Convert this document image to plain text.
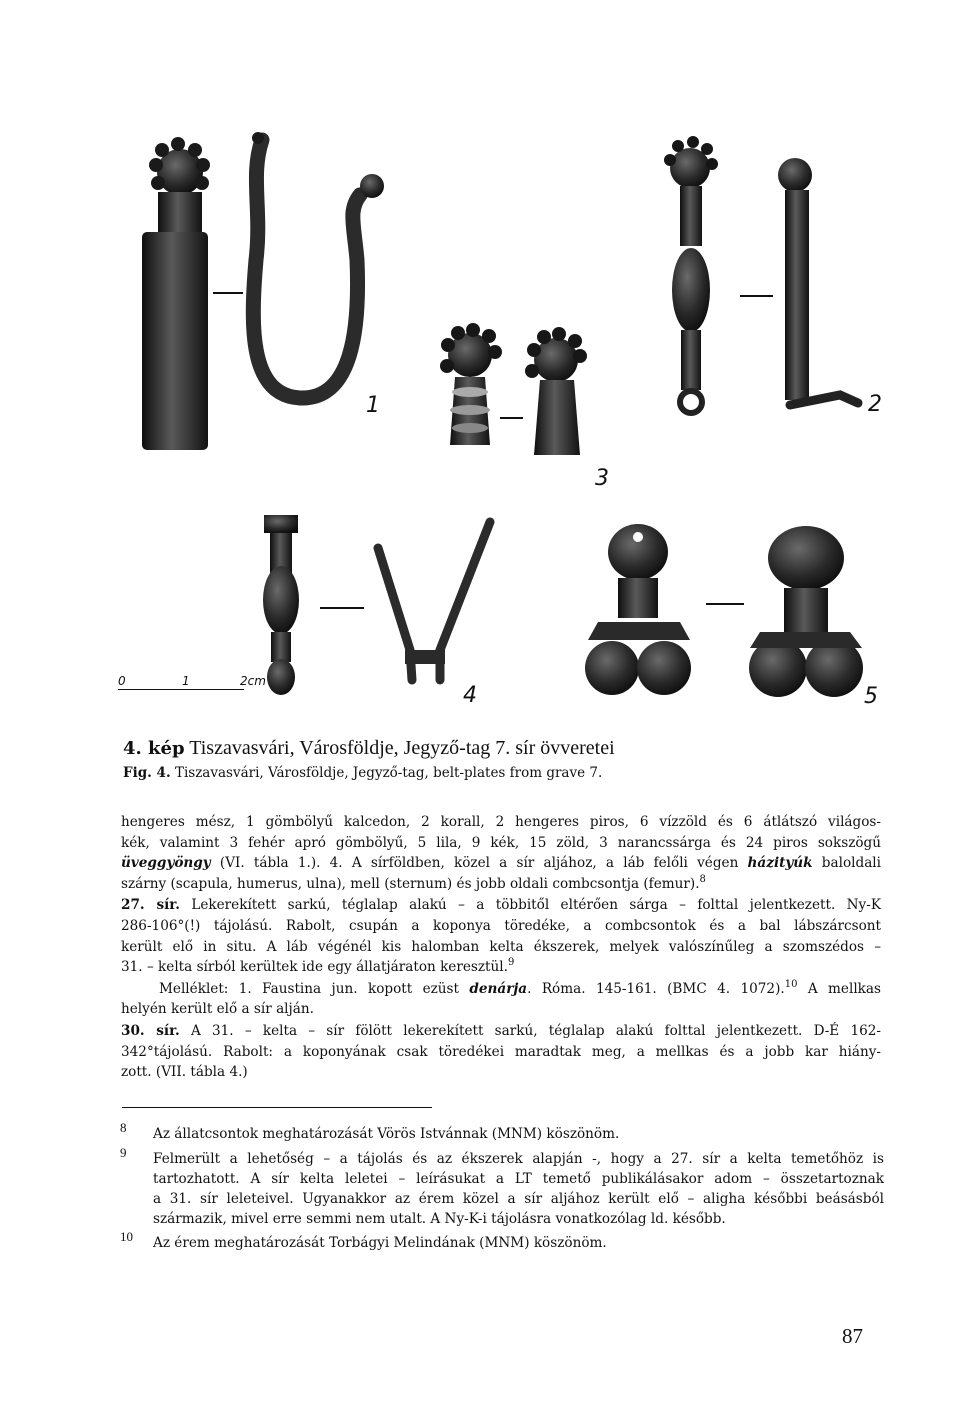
1	2
3
4	5
0	1	2cm
4. kép Tiszavasvári, Városföldje, Jegyző-tag 7. sír övveretei
Fig. 4. Tiszavasvári, Városföldje, Jegyző-tag, belt-plates from grave 7.
hengeres mész, 1 gömbölyű kalcedon, 2 korall, 2 hengeres piros, 6 vízzöld és 6 átlátszó világos-
kék, valamint 3 fehér apró gömbölyű, 5 lila, 9 kék, 15 zöld, 3 narancssárga és 24 piros sokszögű
üveggyöngy (VI. tábla 1.). 4. A sírföldben, közel a sír aljához, a láb felőli végen házityúk baloldali
szárny (scapula, humerus, ulna), mell (sternum) és jobb oldali combcsontja (femur).$^8$
27. sír. Lekerekített sarkú, téglalap alakú – a többitől eltérően sárga – folttal jelentkezett. Ny-K
286-106°(!) tájolású. Rabolt, csupán a koponya töredéke, a combcsontok és a bal lábszárcsont
került elő in situ. A láb végénél kis halomban kelta ékszerek, melyek valószínűleg a szomszédos –
31. – kelta sírból kerültek ide egy állatjáraton keresztül.$^9$
Melléklet: 1. Faustina jun. kopott ezüst denárja. Róma. 145-161. (BMC 4. 1072).$^{10}$ A mellkas
helyén került elő a sír alján.
30. sír. A 31. – kelta – sír fölött lekerekített sarkú, téglalap alakú folttal jelentkezett. D-É 162-
342°tájolású. Rabolt: a koponyának csak töredékei maradtak meg, a mellkas és a jobb kar hiány-
zott. (VII. tábla 4.)
8 Az állatcsontok meghatározását Vörös Istvánnak (MNM) köszönöm.
9 Felmerült a lehetőség – a tájolás és az ékszerek alapján -, hogy a 27. sír a kelta temetőhöz is
tartozhatott. A sír kelta leletei – leírásukat a LT temető publikálásakor adom – összetartoznak
a 31. sír leleteivel. Ugyanakkor az érem közel a sír aljához került elő – aligha későbbi beásásból
származik, mivel erre semmi nem utalt. A Ny-K-i tájolásra vonatkozólag ld. később.
10 Az érem meghatározását Torbágyi Melindának (MNM) köszönöm.
87
